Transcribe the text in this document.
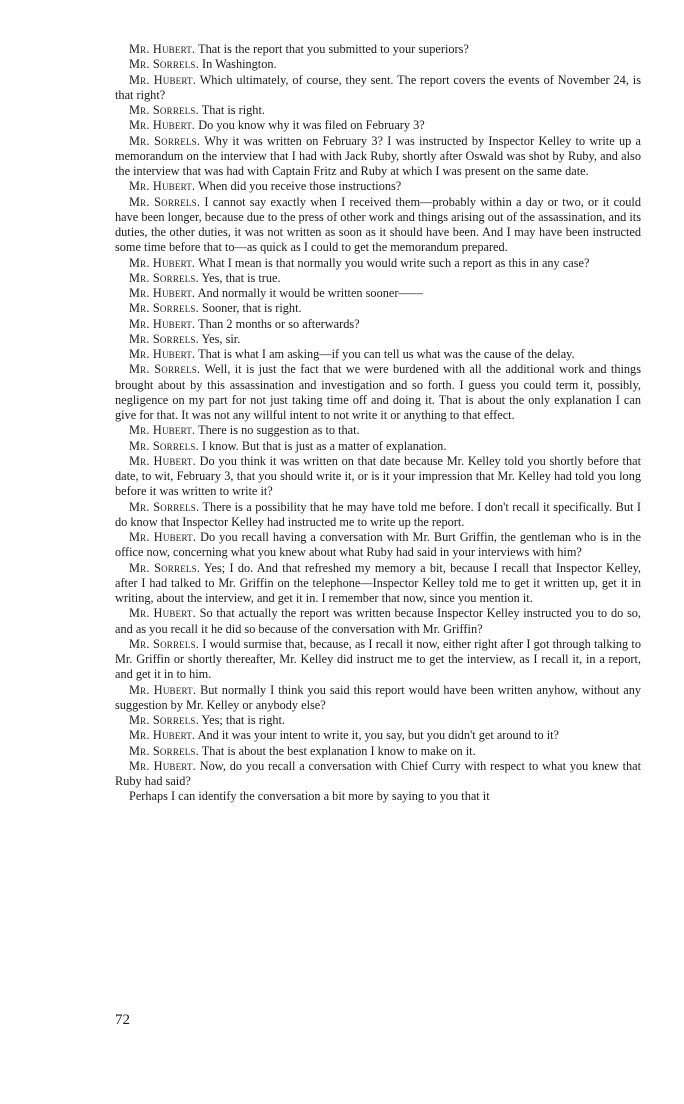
Mr. Hubert. That is the report that you submitted to your superiors?

Mr. Sorrels. In Washington.

Mr. Hubert. Which ultimately, of course, they sent. The report covers the events of November 24, is that right?

Mr. Sorrels. That is right.

Mr. Hubert. Do you know why it was filed on February 3?

Mr. Sorrels. Why it was written on February 3? I was instructed by Inspector Kelley to write up a memorandum on the interview that I had with Jack Ruby, shortly after Oswald was shot by Ruby, and also the interview that was had with Captain Fritz and Ruby at which I was present on the same date.

Mr. Hubert. When did you receive those instructions?

Mr. Sorrels. I cannot say exactly when I received them—probably within a day or two, or it could have been longer, because due to the press of other work and things arising out of the assassination, and its duties, the other duties, it was not written as soon as it should have been. And I may have been instructed some time before that to—as quick as I could to get the memorandum prepared.

Mr. Hubert. What I mean is that normally you would write such a report as this in any case?

Mr. Sorrels. Yes, that is true.

Mr. Hubert. And normally it would be written sooner——

Mr. Sorrels. Sooner, that is right.

Mr. Hubert. Than 2 months or so afterwards?

Mr. Sorrels. Yes, sir.

Mr. Hubert. That is what I am asking—if you can tell us what was the cause of the delay.

Mr. Sorrels. Well, it is just the fact that we were burdened with all the additional work and things brought about by this assassination and investigation and so forth. I guess you could term it, possibly, negligence on my part for not just taking time off and doing it. That is about the only explanation I can give for that. It was not any willful intent to not write it or anything to that effect.

Mr. Hubert. There is no suggestion as to that.

Mr. Sorrels. I know. But that is just as a matter of explanation.

Mr. Hubert. Do you think it was written on that date because Mr. Kelley told you shortly before that date, to wit, February 3, that you should write it, or is it your impression that Mr. Kelley had told you long before it was written to write it?

Mr. Sorrels. There is a possibility that he may have told me before. I don't recall it specifically. But I do know that Inspector Kelley had instructed me to write up the report.

Mr. Hubert. Do you recall having a conversation with Mr. Burt Griffin, the gentleman who is in the office now, concerning what you knew about what Ruby had said in your interviews with him?

Mr. Sorrels. Yes; I do. And that refreshed my memory a bit, because I recall that Inspector Kelley, after I had talked to Mr. Griffin on the telephone—Inspector Kelley told me to get it written up, get it in writing, about the interview, and get it in. I remember that now, since you mention it.

Mr. Hubert. So that actually the report was written because Inspector Kelley instructed you to do so, and as you recall it he did so because of the conversation with Mr. Griffin?

Mr. Sorrels. I would surmise that, because, as I recall it now, either right after I got through talking to Mr. Griffin or shortly thereafter, Mr. Kelley did instruct me to get the interview, as I recall it, in a report, and get it in to him.

Mr. Hubert. But normally I think you said this report would have been written anyhow, without any suggestion by Mr. Kelley or anybody else?

Mr. Sorrels. Yes; that is right.

Mr. Hubert. And it was your intent to write it, you say, but you didn't get around to it?

Mr. Sorrels. That is about the best explanation I know to make on it.

Mr. Hubert. Now, do you recall a conversation with Chief Curry with respect to what you knew that Ruby had said?

Perhaps I can identify the conversation a bit more by saying to you that it

72
